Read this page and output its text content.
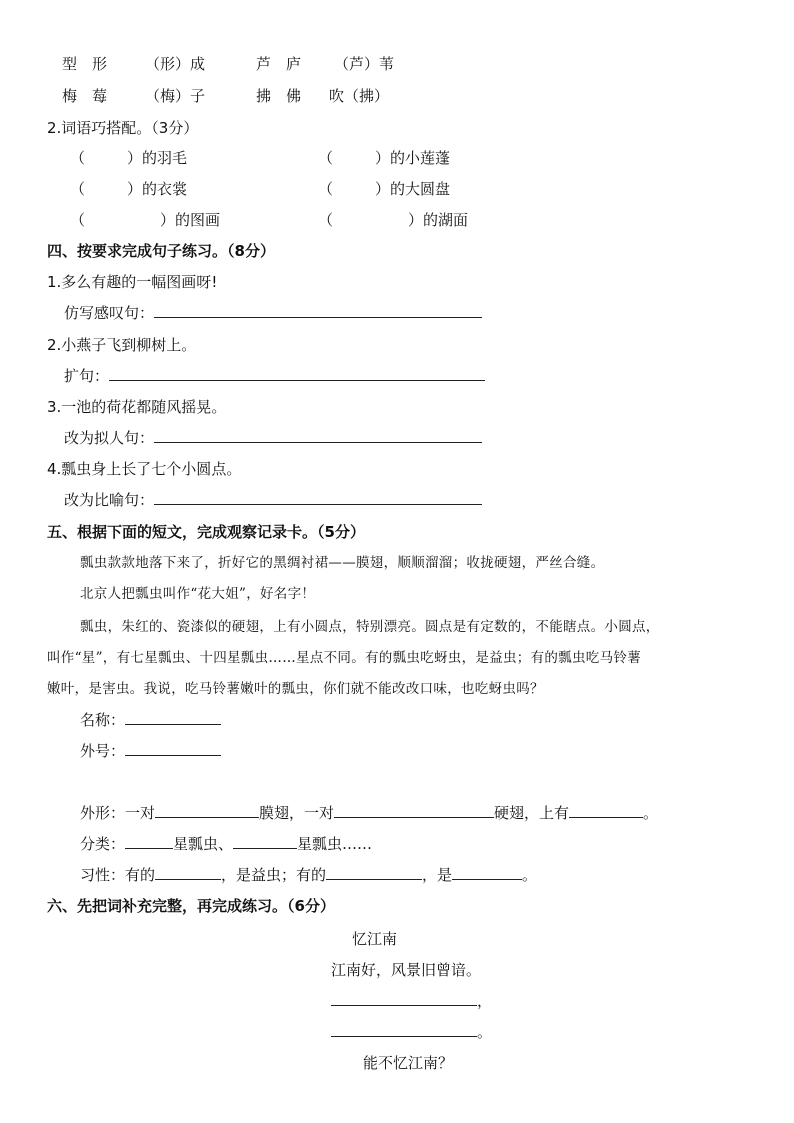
型　形	（形）成	芦　庐 （芦）苇
梅　莓	（梅）子	拂　佛 吹（拂）
2.词语巧搭配。（3分）
（	）的羽毛	（	）的小莲蓬
（	）的衣裳	（	）的大圆盘
（	）的图画	（	）的湖面
四、按要求完成句子练习。（8分）
1.多么有趣的一幅图画呀!
仿写感叹句：
2.小燕子飞到柳树上。
扩句：
3.一池的荷花都随风摇晃。
改为拟人句：
4.瓢虫身上长了七个小圆点。
改为比喻句：
五、根据下面的短文，完成观察记录卡。（5分）
瓢虫款款地落下来了，折好它的黑绸衬裙——膜翅，顺顺溜溜；收拢硬翅，严丝合缝。
北京人把瓢虫叫作“花大姐”，好名字！
瓢虫，朱红的、瓷漆似的硬翅，上有小圆点，特别漂亮。圆点是有定数的，不能瞎点。小圆点，
叫作“星”，有七星瓢虫、十四星瓢虫……星点不同。有的瓢虫吃蚜虫，是益虫；有的瓢虫吃马铃薯
嫩叶，是害虫。我说，吃马铃薯嫩叶的瓢虫，你们就不能改改口味，也吃蚜虫吗？
名称：
外号：
外形：一对	膜翅，一对	硬翅，上有	。
分类：	星瓢虫、	星瓢虫……
习性：有的	，是益虫；有的	，是	。
六、先把词补充完整，再完成练习。（6分）
忆江南
江南好，风景旧曾谙。
，
。
能不忆江南？
